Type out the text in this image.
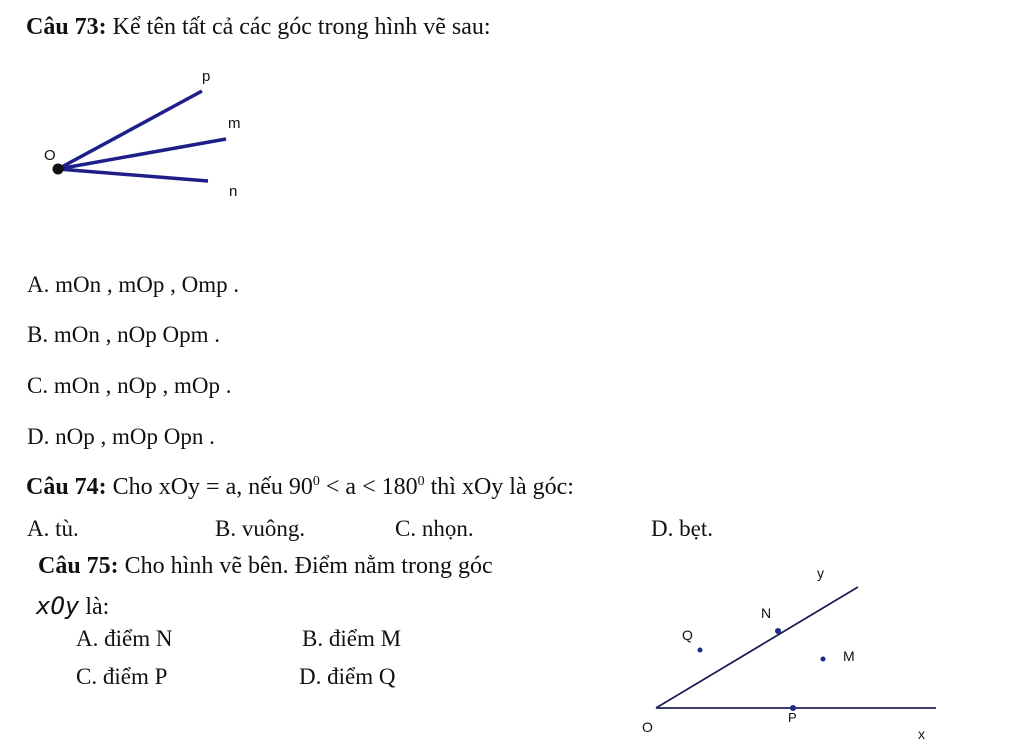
Câu 73: Kể tên tất cả các góc trong hình vẽ sau:
p
m
O
n
A. mOn , mOp , Omp .
B. mOn , nOp Opm .
C. mOn , nOp , mOp .
D. nOp , mOp Opn .
Câu 74: Cho xOy = a, nếu $90^0 < a < 180^0$ thì xOy là góc:
A. tù.	B. vuông.	C. nhọn.	D. bẹt.
Câu 75: Cho hình vẽ bên. Điểm nằm trong góc
xOy là:
A. điểm N	B. điểm M
C. điểm P	D. điểm Q
y
N
Q
M
P
O	x
